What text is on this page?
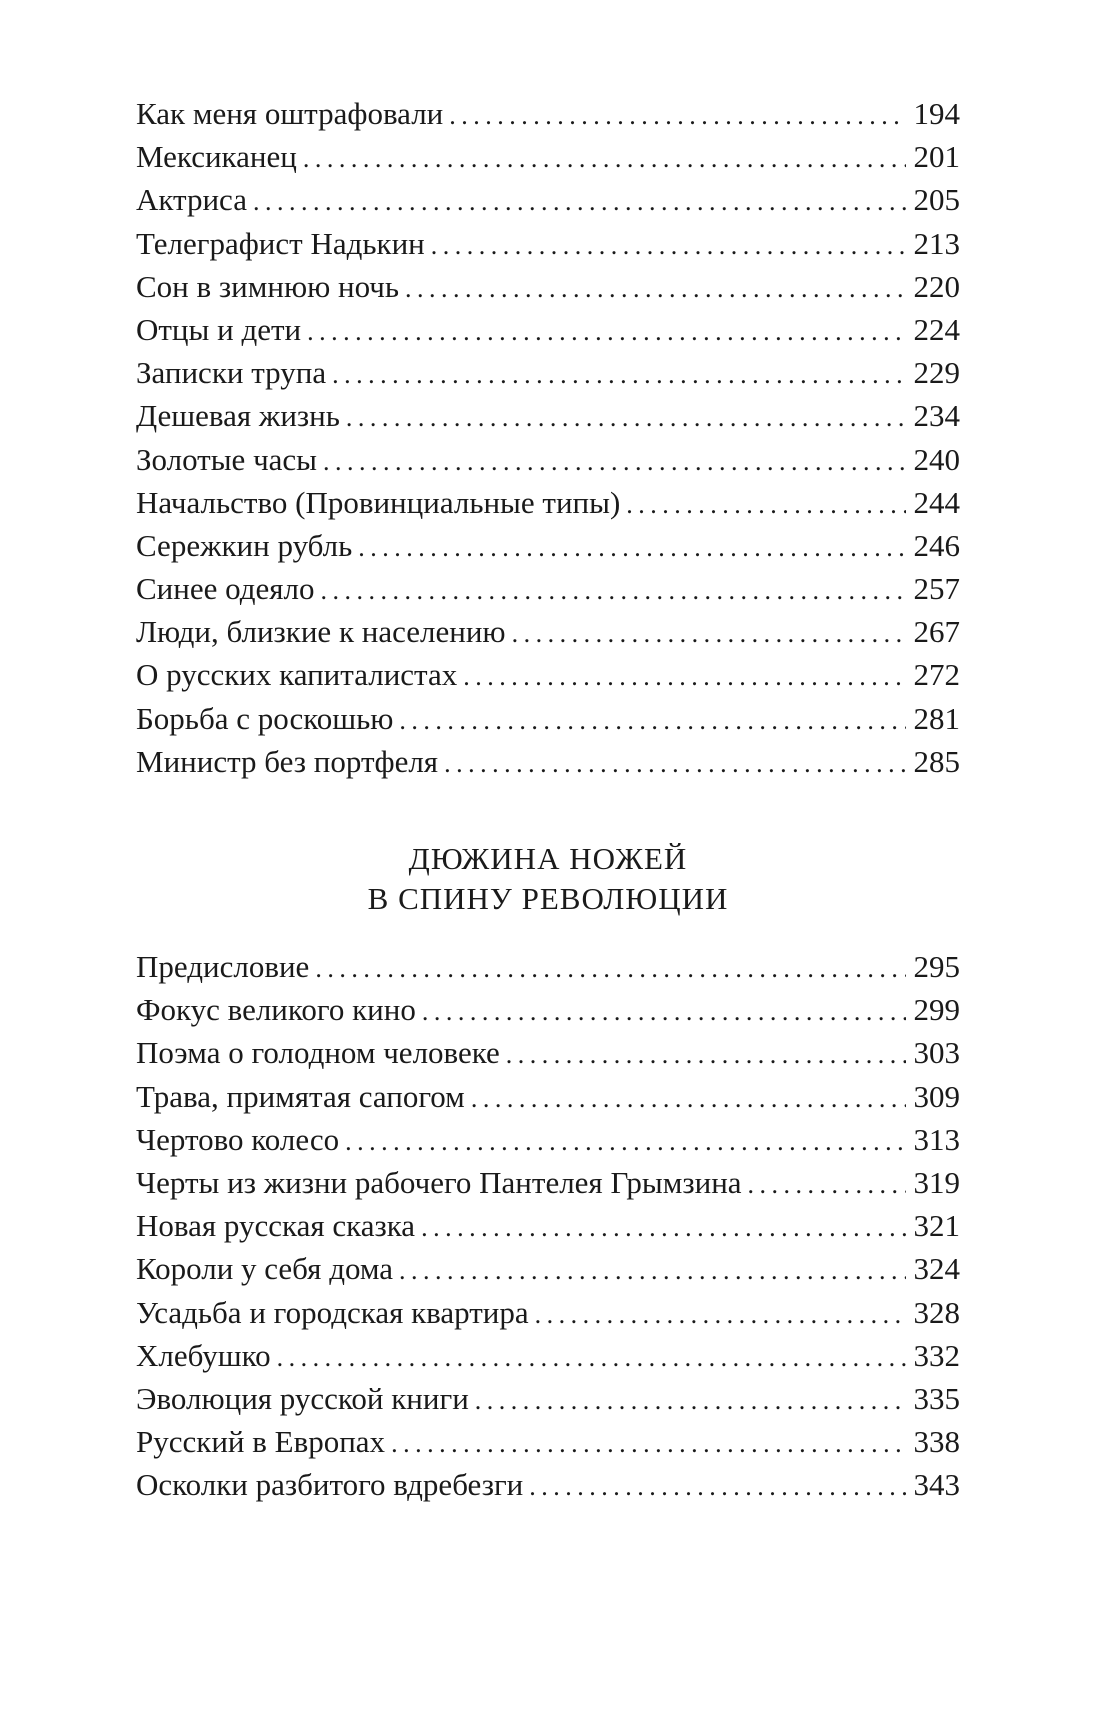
Как меня оштрафовали . . .	194
Мексиканец . . .	201
Актриса . . .	205
Телеграфист Надькин . . .	213
Сон в зимнюю ночь . . .	220
Отцы и дети . . .	224
Записки трупа . . .	229
Дешевая жизнь . . .	234
Золотые часы . . .	240
Начальство (Провинциальные типы) . . .	244
Сережкин рубль . . .	246
Синее одеяло . . .	257
Люди, близкие к населению . . .	267
О русских капиталистах . . .	272
Борьба с роскошью . . .	281
Министр без портфеля . . .	285
ДЮЖИНА НОЖЕЙ
В СПИНУ РЕВОЛЮЦИИ
Предисловие . . .	295
Фокус великого кино . . .	299
Поэма о голодном человеке . . .	303
Трава, примятая сапогом . . .	309
Чертово колесо . . .	313
Черты из жизни рабочего Пантелея Грымзина . . .	319
Новая русская сказка . . .	321
Короли у себя дома . . .	324
Усадьба и городская квартира . . .	328
Хлебушко . . .	332
Эволюция русской книги . . .	335
Русский в Европах . . .	338
Осколки разбитого вдребезги . . .	343
